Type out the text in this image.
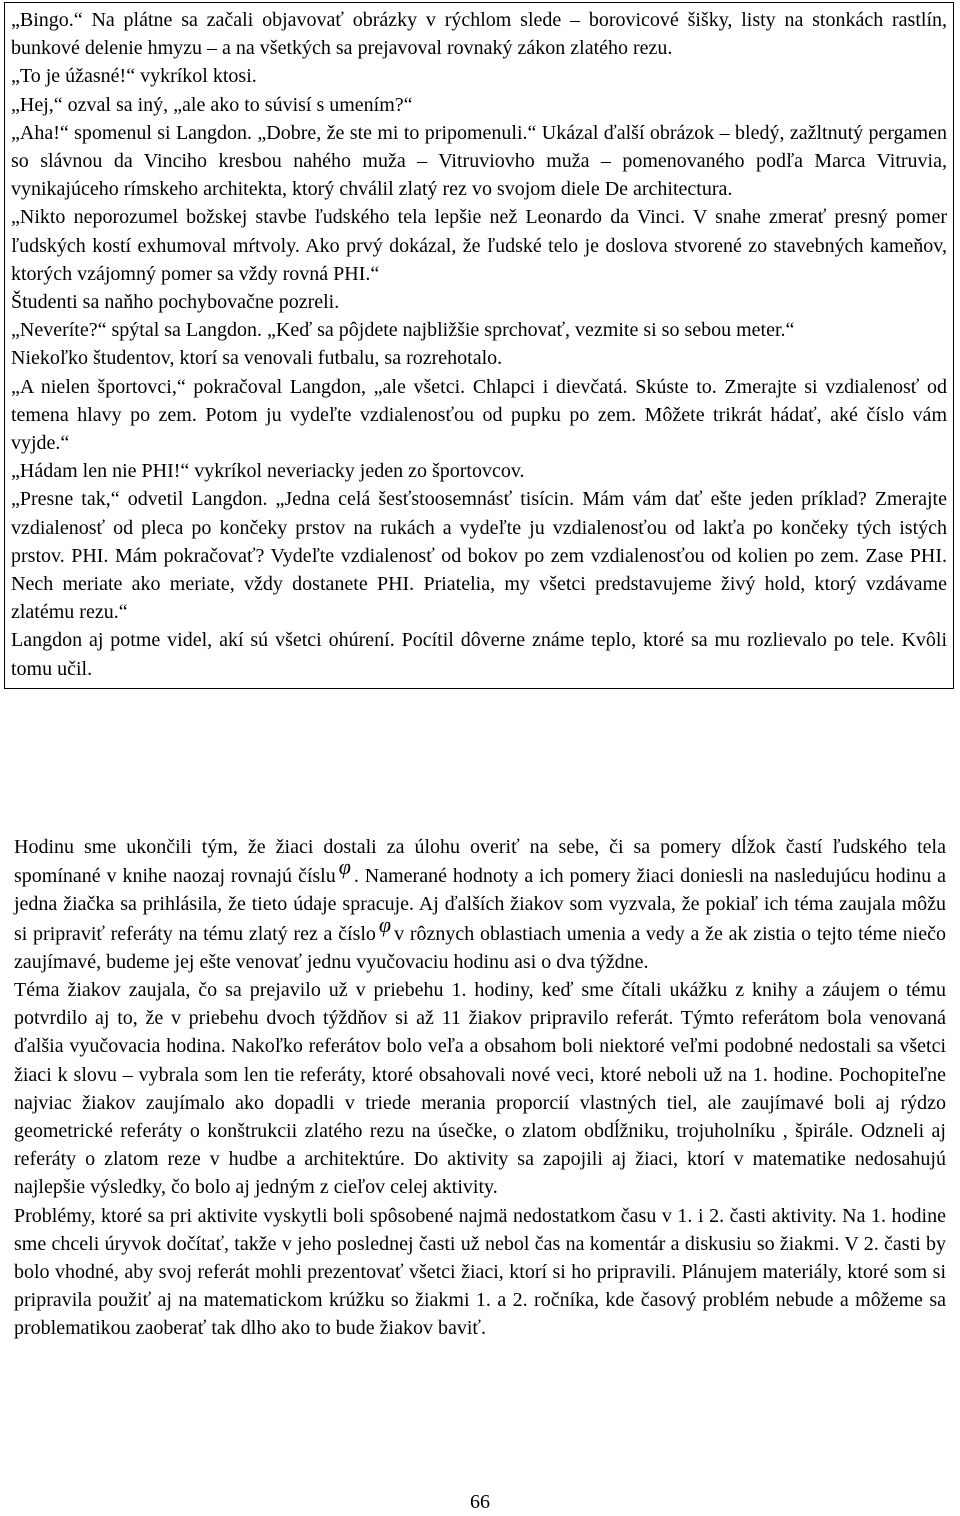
„Bingo.“ Na plátne sa začali objavovať obrázky v rýchlom slede – borovicové šišky, listy na stonkách rastlín, bunkové delenie hmyzu – a na všetkých sa prejavoval rovnaký zákon zlatého rezu.

„To je úžasné!“ vykríkol ktosi.

„Hej,“ ozval sa iný, „ale ako to súvisí s umením?“

„Aha!“ spomenul si Langdon. „Dobre, že ste mi to pripomenuli.“ Ukázal ďalší obrázok – bledý, zažltnutý pergamen so slávnou da Vinciho kresbou nahého muža – Vitruviovho muža – pomenovaného podľa Marca Vitruvia, vynikajúceho rímskeho architekta, ktorý chválil zlatý rez vo svojom diele De architectura.

„Nikto neporozumel božskej stavbe ľudského tela lepšie než Leonardo da Vinci. V snahe zmerať presný pomer ľudských kostí exhumoval mŕtvoly. Ako prvý dokázal, že ľudské telo je doslova stvorené zo stavebných kameňov, ktorých vzájomný pomer sa vždy rovná PHI.“

Študenti sa naňho pochybovačne pozreli.

„Neveríte?“ spýtal sa Langdon. „Keď sa pôjdete najbližšie sprchovať, vezmite si so sebou meter.“

Niekoľko študentov, ktorí sa venovali futbalu, sa rozrehotalo.

„A nielen športovci,“ pokračoval Langdon, „ale všetci. Chlapci i dievčatá. Skúste to. Zmerajte si vzdialenosť od temena hlavy po zem. Potom ju vydeľte vzdialenosťou od pupku po zem. Môžete trikrát hádať, aké číslo vám vyjde.“

„Hádam len nie PHI!“ vykríkol neveriacky jeden zo športovcov.

„Presne tak,“ odvetil Langdon. „Jedna celá šesťstoosemnásť tisícin. Mám vám dať ešte jeden príklad? Zmerajte vzdialenosť od pleca po končeky prstov na rukách a vydeľte ju vzdialenosťou od lakťa po končeky tých istých prstov. PHI. Mám pokračovať? Vydeľte vzdialenosť od bokov po zem vzdialenosťou od kolien po zem. Zase PHI. Nech meriate ako meriate, vždy dostanete PHI. Priatelia, my všetci predstavujeme živý hold, ktorý vzdávame zlatému rezu.“

Langdon aj potme videl, akí sú všetci ohúrení. Pocítil dôverne známe teplo, ktoré sa mu rozlievalo po tele. Kvôli tomu učil.

Hodinu sme ukončili tým, že žiaci dostali za úlohu overiť na sebe, či sa pomery dĺžok častí ľudského tela spomínané v knihe naozaj rovnajú číslu φ . Namerané hodnoty a ich pomery žiaci doniesli na nasledujúcu hodinu a jedna žiačka sa prihlásila, že tieto údaje spracuje. Aj ďalších žiakov som vyzvala, že pokiaľ ich téma zaujala môžu si pripraviť referáty na tému zlatý rez a číslo φ v rôznych oblastiach umenia a vedy a že ak zistia o tejto téme niečo zaujímavé, budeme jej ešte venovať jednu vyučovaciu hodinu asi o dva týždne.

Téma žiakov zaujala, čo sa prejavilo už v priebehu 1. hodiny, keď sme čítali ukážku z knihy a záujem o tému potvrdilo aj to, že v priebehu dvoch týždňov si až 11 žiakov pripravilo referát. Týmto referátom bola venovaná ďalšia vyučovacia hodina. Nakoľko referátov bolo veľa a obsahom boli niektoré veľmi podobné nedostali sa všetci žiaci k slovu – vybrala som len tie referáty, ktoré obsahovali nové veci, ktoré neboli už na 1. hodine. Pochopiteľne najviac žiakov zaujímalo ako dopadli v triede merania proporcií vlastných tiel, ale zaujímavé boli aj rýdzo geometrické referáty o konštrukcii zlatého rezu na úsečke, o zlatom obdĺžniku, trojuholníku , špirále. Odzneli aj referáty o zlatom reze v hudbe a architektúre. Do aktivity sa zapojili aj žiaci, ktorí v matematike nedosahujú najlepšie výsledky, čo bolo aj jedným z cieľov celej aktivity.

Problémy, ktoré sa pri aktivite vyskytli boli spôsobené najmä nedostatkom času v 1. i 2. časti aktivity. Na 1. hodine sme chceli úryvok dočítať, takže v jeho poslednej časti už nebol čas na komentár a diskusiu so žiakmi. V 2. časti by bolo vhodné, aby svoj referát mohli prezentovať všetci žiaci, ktorí si ho pripravili. Plánujem materiály, ktoré som si pripravila použiť aj na matematickom krúžku so žiakmi 1. a 2. ročníka, kde časový problém nebude a môžeme sa problematikou zaoberať tak dlho ako to bude žiakov baviť.

66
